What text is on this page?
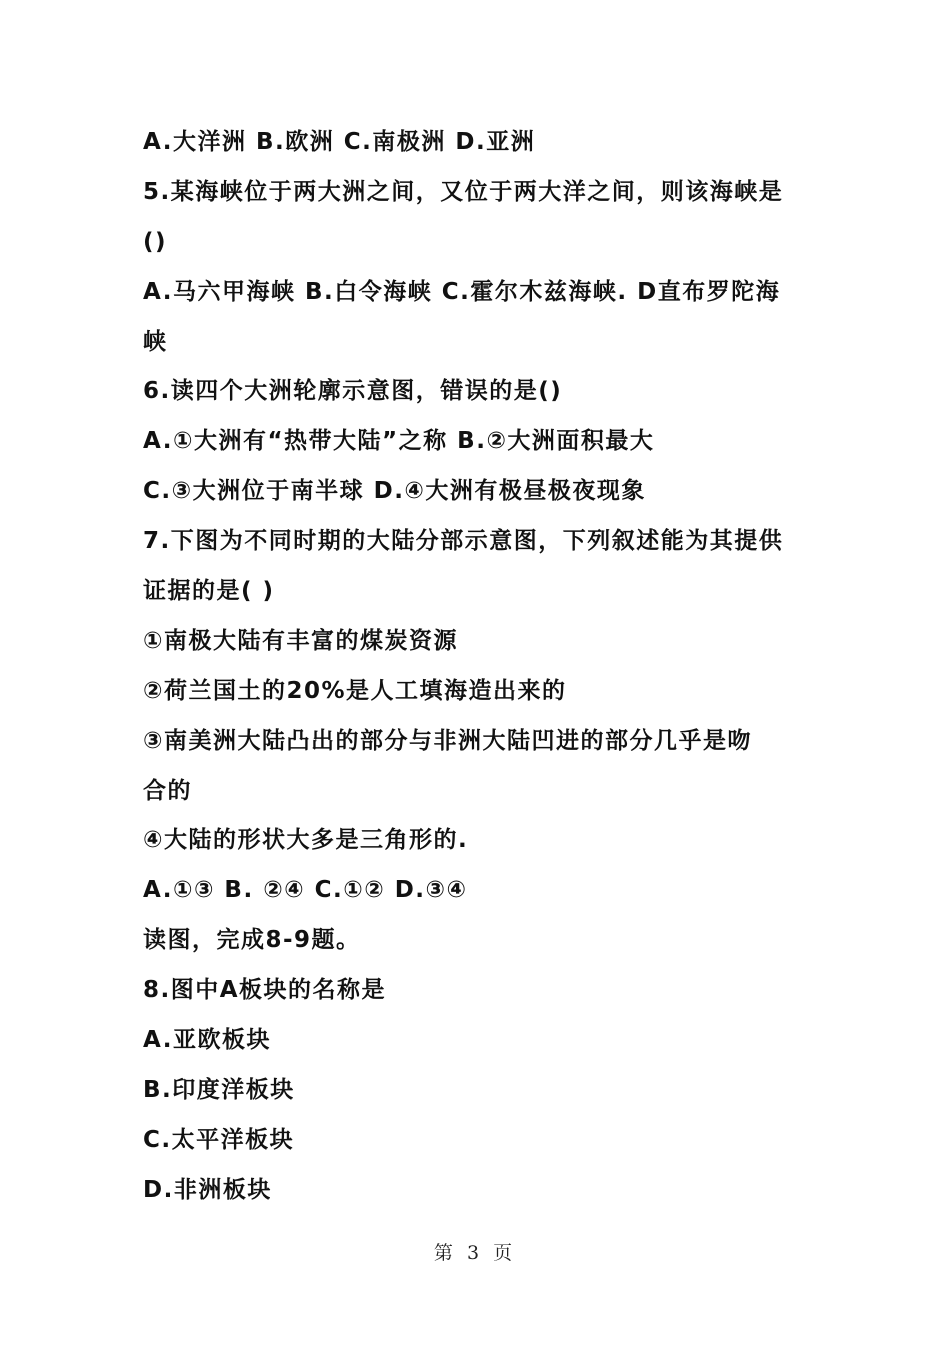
A.大洋洲 B.欧洲 C.南极洲 D.亚洲
5.某海峡位于两大洲之间，又位于两大洋之间，则该海峡是
()
A.马六甲海峡 B.白令海峡 C.霍尔木兹海峡. D直布罗陀海
峡
6.读四个大洲轮廓示意图，错误的是()
A.①大洲有“热带大陆”之称 B.②大洲面积最大
C.③大洲位于南半球 D.④大洲有极昼极夜现象
7.下图为不同时期的大陆分部示意图，下列叙述能为其提供
证据的是( )
①南极大陆有丰富的煤炭资源
②荷兰国土的20%是人工填海造出来的
③南美洲大陆凸出的部分与非洲大陆凹进的部分几乎是吻
合的
④大陆的形状大多是三角形的.
A.①③ B. ②④ C.①② D.③④
读图，完成8-9题。
8.图中A板块的名称是
A.亚欧板块
B.印度洋板块
C.太平洋板块
D.非洲板块
第 3 页
